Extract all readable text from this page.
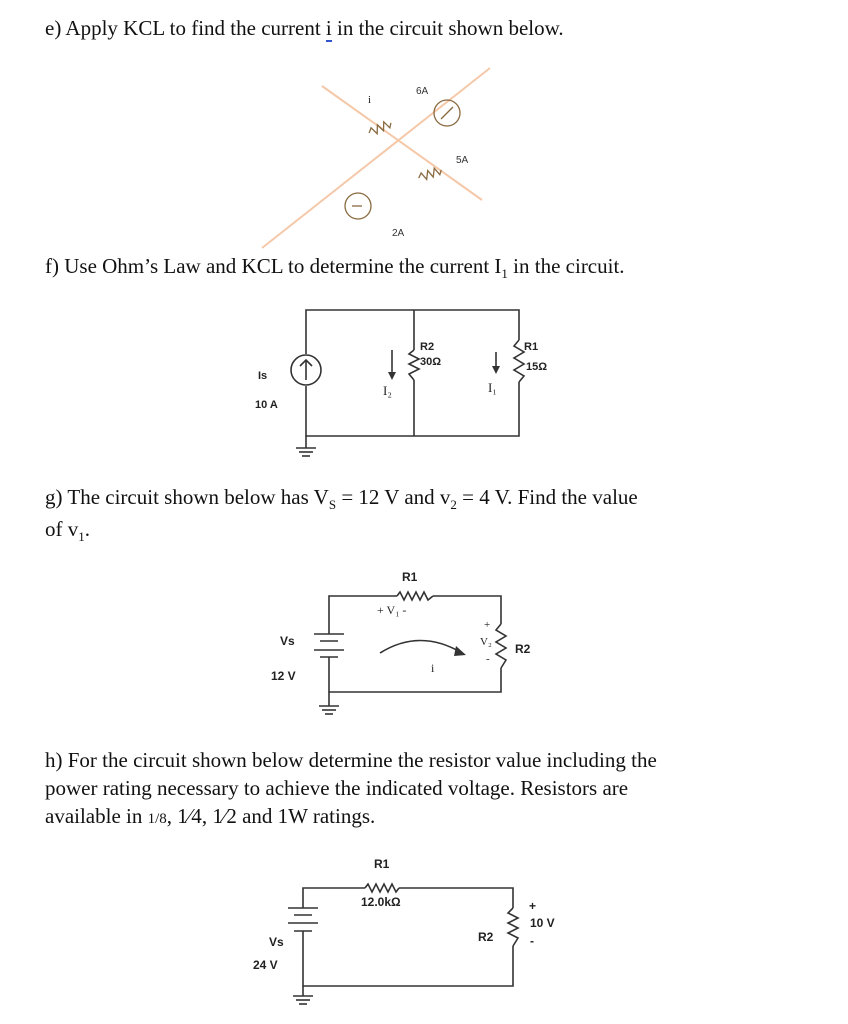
e) Apply KCL to find the current i in the circuit shown below.
f) Use Ohm’s Law and KCL to determine the current $I_1$ in the circuit.
g) The circuit shown below has $V_S = 12$ V and $v_2 = 4$ V. Find the value
of $v_1$.
h) For the circuit shown below determine the resistor value including the
power rating necessary to achieve the indicated voltage. Resistors are
available in 1/8, 1⁄4, 1⁄2 and 1W ratings.
i
6A
5A
2A
Is
10 A
R2
30Ω
R1
15Ω
I₂	I₁
R1
+ V₁ -
Vs
12 V
R2
V₂
+
-
i
R1
12.0kΩ
Vs
24 V
R2
+
10 V
-
